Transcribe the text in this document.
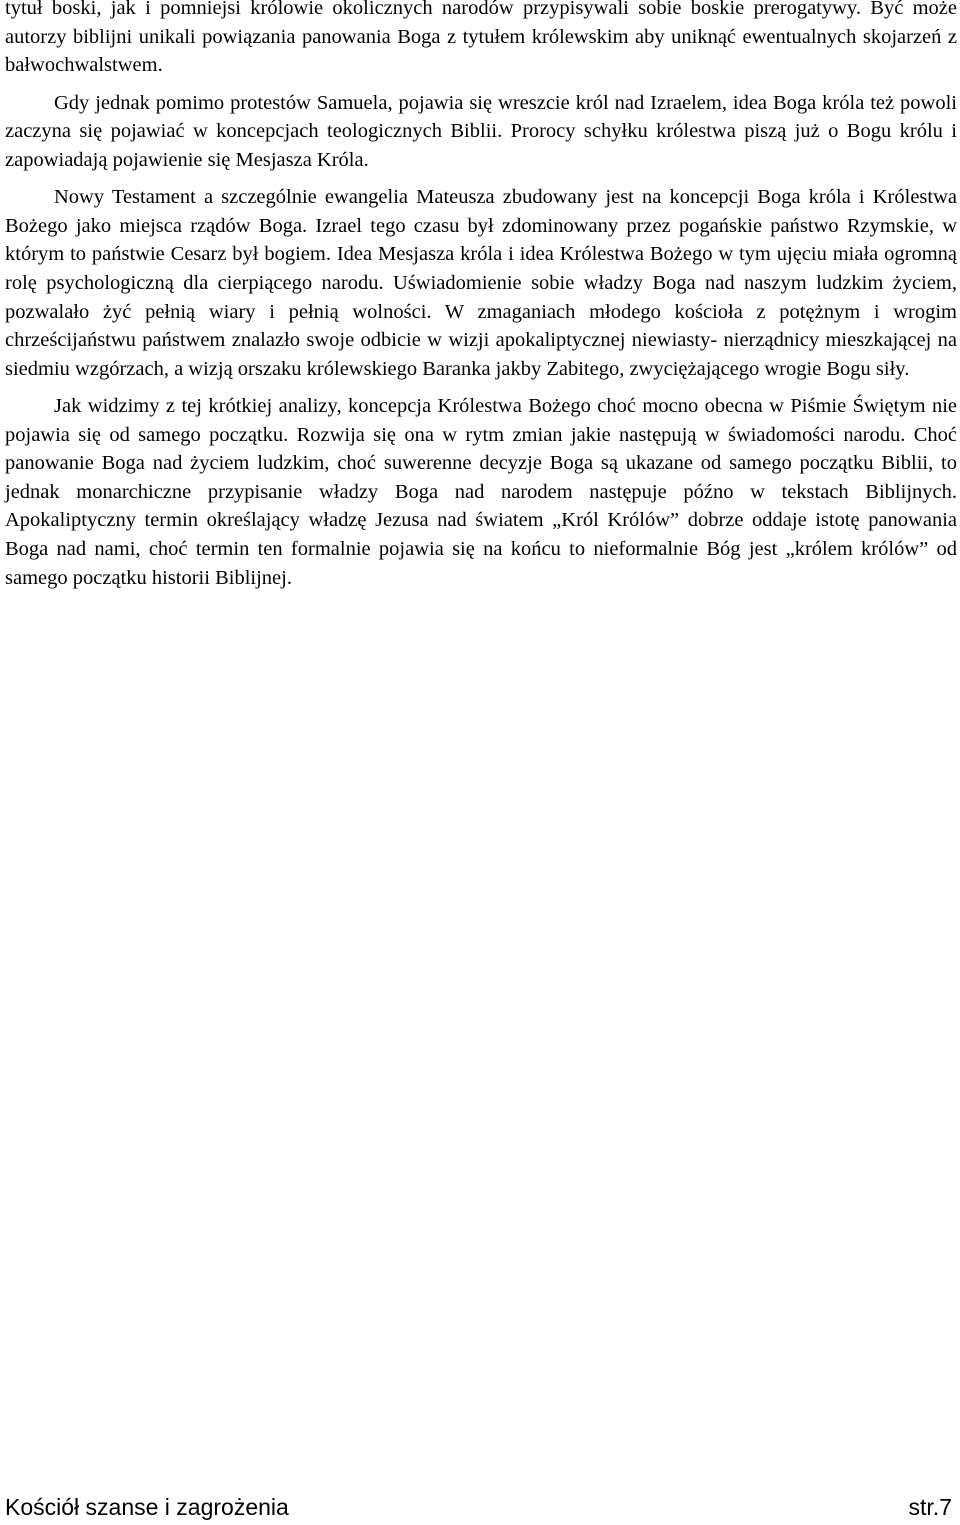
tytuł boski, jak i pomniejsi królowie okolicznych narodów przypisywali sobie boskie prerogatywy. Być może autorzy biblijni unikali powiązania panowania Boga z tytułem królewskim aby uniknąć ewentualnych skojarzeń z bałwochwalstwem.

Gdy jednak pomimo protestów Samuela, pojawia się wreszcie król nad Izraelem, idea Boga króla też powoli zaczyna się pojawiać w koncepcjach teologicznych Biblii. Prorocy schyłku królestwa piszą już o Bogu królu i zapowiadają pojawienie się Mesjasza Króla.

Nowy Testament a szczególnie ewangelia Mateusza zbudowany jest na koncepcji Boga króla i Królestwa Bożego jako miejsca rządów Boga. Izrael tego czasu był zdominowany przez pogańskie państwo Rzymskie, w którym to państwie Cesarz był bogiem. Idea Mesjasza króla i idea Królestwa Bożego w tym ujęciu miała ogromną rolę psychologiczną dla cierpiącego narodu. Uświadomienie sobie władzy Boga nad naszym ludzkim życiem, pozwalało żyć pełnią wiary i pełnią wolności. W zmaganiach młodego kościoła z potężnym i wrogim chrześcijaństwu państwem znalazło swoje odbicie w wizji apokaliptycznej niewiasty- nierządnicy mieszkającej na siedmiu wzgórzach, a wizją orszaku królewskiego Baranka jakby Zabitego, zwyciężającego wrogie Bogu siły.

Jak widzimy z tej krótkiej analizy, koncepcja Królestwa Bożego choć mocno obecna w Piśmie Świętym nie pojawia się od samego początku. Rozwija się ona w rytm zmian jakie następują w świadomości narodu. Choć panowanie Boga nad życiem ludzkim, choć suwerenne decyzje Boga są ukazane od samego początku Biblii, to jednak monarchiczne przypisanie władzy Boga nad narodem następuje późno w tekstach Biblijnych. Apokaliptyczny termin określający władzę Jezusa nad światem „Król Królów” dobrze oddaje istotę panowania Boga nad nami, choć termin ten formalnie pojawia się na końcu to nieformalnie Bóg jest „królem królów” od samego początku historii Biblijnej.

Kościół szanse i zagrożenia	str.7
